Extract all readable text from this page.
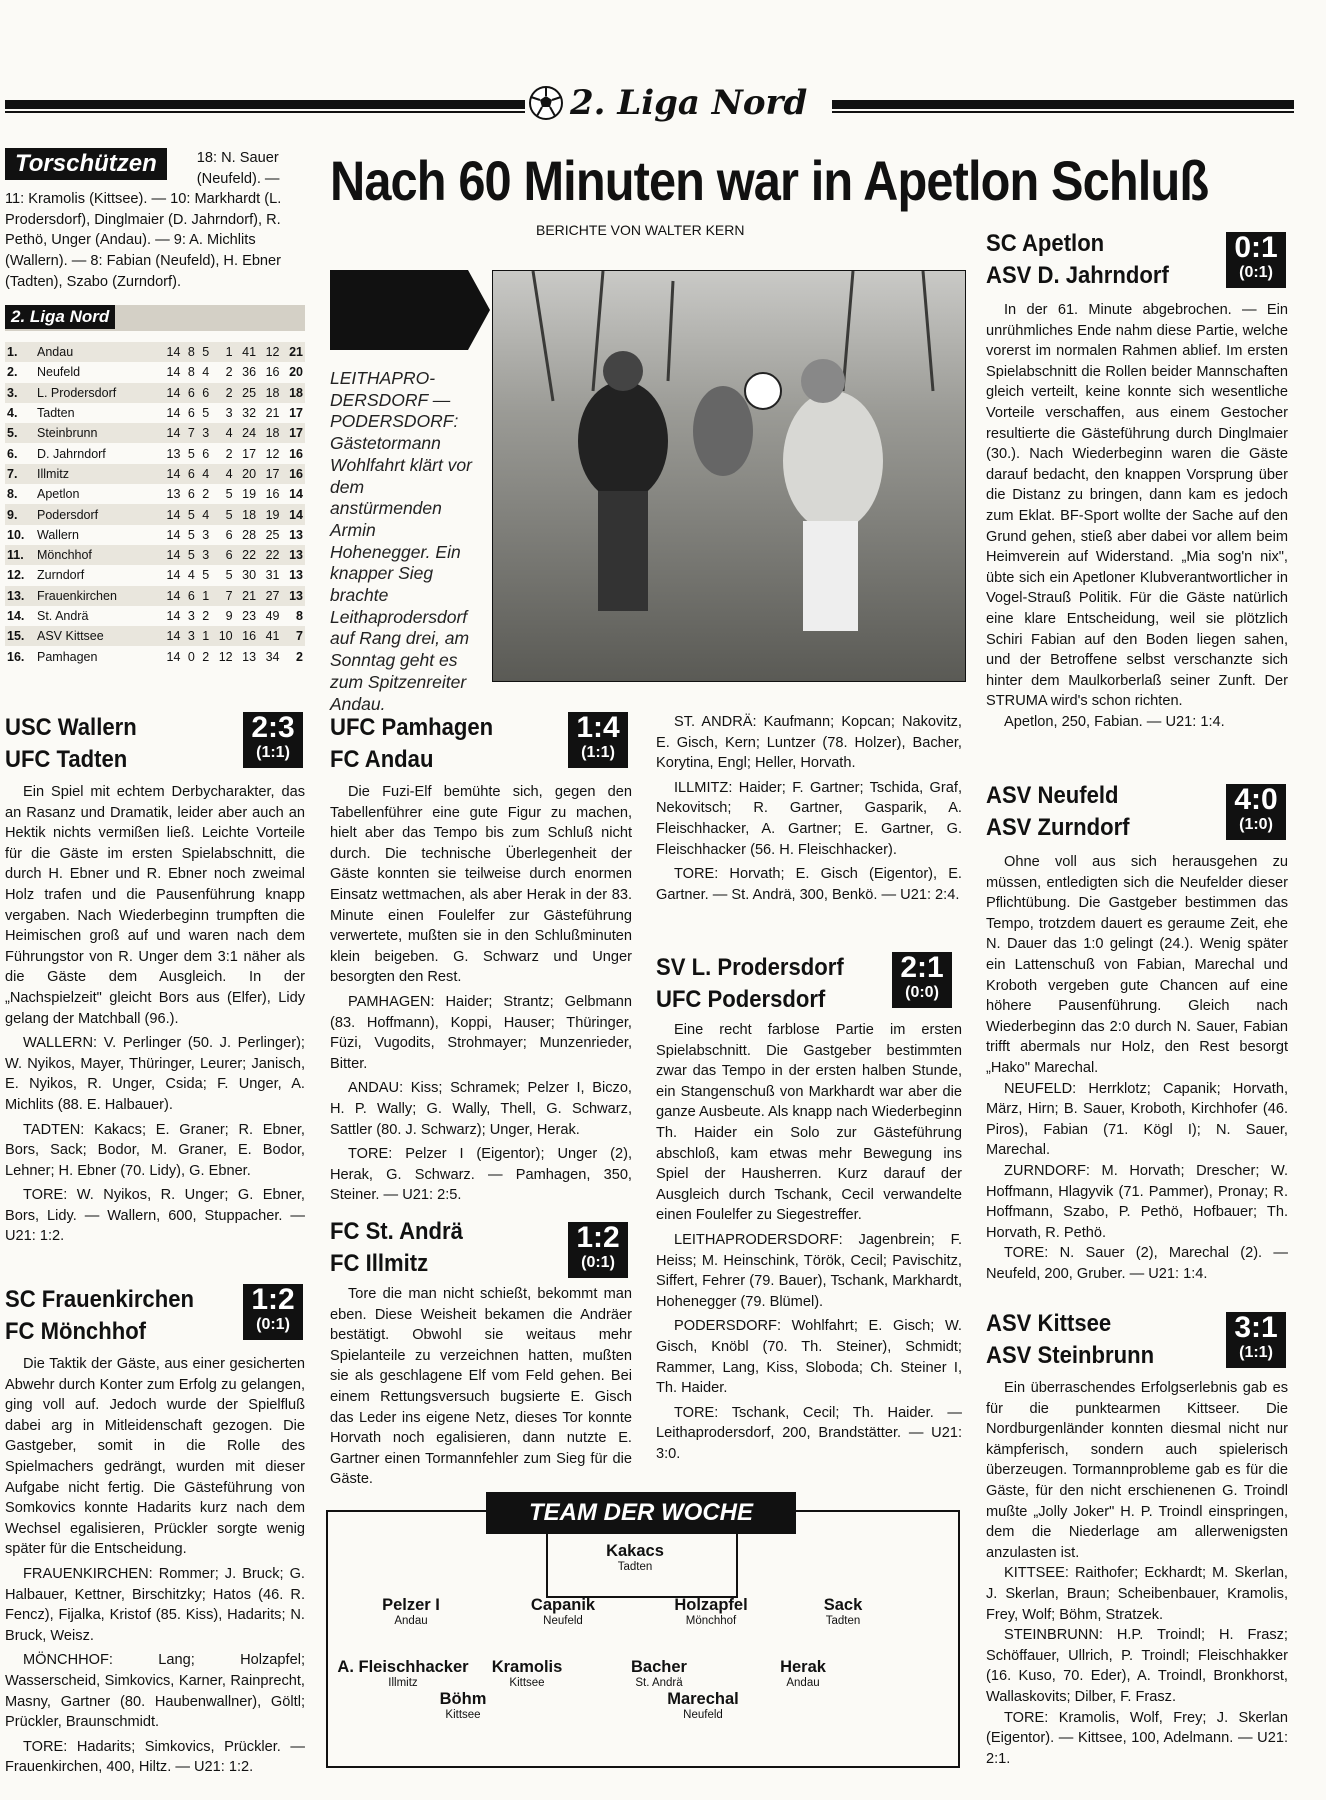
2. Liga Nord
Nach 60 Minuten war in Apetlon Schluß
BERICHTE VON WALTER KERN
Torschützen	18: N. Sauer (Neufeld). —
11: Kramolis (Kittsee). — 10: Markhardt (L. Prodersdorf), Dinglmaier (D. Jahrndorf), R. Pethö, Unger (Andau). — 9: A. Michlits (Wallern). — 8: Fabian (Neufeld), H. Ebner (Tadten), Szabo (Zurndorf).
2. Liga Nord
1.	Andau	14	8	5	1	41	12	21
2.	Neufeld	14	8	4	2	36	16	20
3.	L. Prodersdorf	14	6	6	2	25	18	18
4.	Tadten	14	6	5	3	32	21	17
5.	Steinbrunn	14	7	3	4	24	18	17
6.	D. Jahrndorf	13	5	6	2	17	12	16
7.	Illmitz	14	6	4	4	20	17	16
8.	Apetlon	13	6	2	5	19	16	14
9.	Podersdorf	14	5	4	5	18	19	14
10.	Wallern	14	5	3	6	28	25	13
11.	Mönchhof	14	5	3	6	22	22	13
12.	Zurndorf	14	4	5	5	30	31	13
13.	Frauenkirchen	14	6	1	7	21	27	13
14.	St. Andrä	14	3	2	9	23	49	8
15.	ASV Kittsee	14	3	1	10	16	41	7
16.	Pamhagen	14	0	2	12	13	34	2
LEITHAPRO-DERSDORF — PODERSDORF: Gästetormann Wohlfahrt klärt vor dem anstürmenden Armin Hohenegger. Ein knapper Sieg brachte Leithaprodersdorf auf Rang drei, am Sonntag geht es zum Spitzenreiter Andau.
USC Wallern
UFC Tadten
2:3
(1:1)

Ein Spiel mit echtem Derbycharakter, das an Rasanz und Dramatik, leider aber auch an Hektik nichts vermißen ließ. Leichte Vorteile für die Gäste im ersten Spielabschnitt, die durch H. Ebner und R. Ebner noch zweimal Holz trafen und die Pausenführung knapp vergaben. Nach Wiederbeginn trumpften die Heimischen groß auf und waren nach dem Führungstor von R. Unger dem 3:1 näher als die Gäste dem Ausgleich. In der „Nachspielzeit" gleicht Bors aus (Elfer), Lidy gelang der Matchball (96.).

WALLERN: V. Perlinger (50. J. Perlinger); W. Nyikos, Mayer, Thüringer, Leurer; Janisch, E. Nyikos, R. Unger, Csida; F. Unger, A. Michlits (88. E. Halbauer).

TADTEN: Kakacs; E. Graner; R. Ebner, Bors, Sack; Bodor, M. Graner, E. Bodor, Lehner; H. Ebner (70. Lidy), G. Ebner.

TORE: W. Nyikos, R. Unger; G. Ebner, Bors, Lidy. — Wallern, 600, Stuppacher. — U21: 1:2.

SC Frauenkirchen
FC Mönchhof
1:2
(0:1)

Die Taktik der Gäste, aus einer gesicherten Abwehr durch Konter zum Erfolg zu gelangen, ging voll auf. Jedoch wurde der Spielfluß dabei arg in Mitleidenschaft gezogen. Die Gastgeber, somit in die Rolle des Spielmachers gedrängt, wurden mit dieser Aufgabe nicht fertig. Die Gästeführung von Somkovics konnte Hadarits kurz nach dem Wechsel egalisieren, Prückler sorgte wenig später für die Entscheidung.

FRAUENKIRCHEN: Rommer; J. Bruck; G. Halbauer, Kettner, Birschitzky; Hatos (46. R. Fencz), Fijalka, Kristof (85. Kiss), Hadarits; N. Bruck, Weisz.

MÖNCHHOF: Lang; Holzapfel; Wasserscheid, Simkovics, Karner, Rainprecht, Masny, Gartner (80. Haubenwallner), Göltl; Prückler, Braunschmidt.

TORE: Hadarits; Simkovics, Prückler. — Frauenkirchen, 400, Hiltz. — U21: 1:2.

UFC Pamhagen
FC Andau
1:4
(1:1)

Die Fuzi-Elf bemühte sich, gegen den Tabellenführer eine gute Figur zu machen, hielt aber das Tempo bis zum Schluß nicht durch. Die technische Überlegenheit der Gäste konnten sie teilweise durch enormen Einsatz wettmachen, als aber Herak in der 83. Minute einen Foulelfer zur Gästeführung verwertete, mußten sie in den Schlußminuten klein beigeben. G. Schwarz und Unger besorgten den Rest.

PAMHAGEN: Haider; Strantz; Gelbmann (83. Hoffmann), Koppi, Hauser; Thüringer, Füzi, Vugodits, Strohmayer; Munzenrieder, Bitter.

ANDAU: Kiss; Schramek; Pelzer I, Biczo, H. P. Wally; G. Wally, Thell, G. Schwarz, Sattler (80. J. Schwarz); Unger, Herak.

TORE: Pelzer I (Eigentor); Unger (2), Herak, G. Schwarz. — Pamhagen, 350, Steiner. — U21: 2:5.

FC St. Andrä
FC Illmitz
1:2
(0:1)

Tore die man nicht schießt, bekommt man eben. Diese Weisheit bekamen die Andräer bestätigt. Obwohl sie weitaus mehr Spielanteile zu verzeichnen hatten, mußten sie als geschlagene Elf vom Feld gehen. Bei einem Rettungsversuch bugsierte E. Gisch das Leder ins eigene Netz, dieses Tor konnte Horvath noch egalisieren, dann nutzte E. Gartner einen Tormannfehler zum Sieg für die Gäste.

ST. ANDRÄ: Kaufmann; Kopcan; Nakovitz, E. Gisch, Kern; Luntzer (78. Holzer), Bacher, Korytina, Engl; Heller, Horvath.

ILLMITZ: Haider; F. Gartner; Tschida, Graf, Nekovitsch; R. Gartner, Gasparik, A. Fleischhacker, A. Gartner; E. Gartner, G. Fleischhacker (56. H. Fleischhacker).

TORE: Horvath; E. Gisch (Eigentor), E. Gartner. — St. Andrä, 300, Benkö. — U21: 2:4.

SV L. Prodersdorf
UFC Podersdorf
2:1
(0:0)

Eine recht farblose Partie im ersten Spielabschnitt. Die Gastgeber bestimmten zwar das Tempo in der ersten halben Stunde, ein Stangenschuß von Markhardt war aber die ganze Ausbeute. Als knapp nach Wiederbeginn Th. Haider ein Solo zur Gästeführung abschloß, kam etwas mehr Bewegung ins Spiel der Hausherren. Kurz darauf der Ausgleich durch Tschank, Cecil verwandelte einen Foulelfer zu Siegestreffer.

LEITHAPRODERSDORF: Jagenbrein; F. Heiss; M. Heinschink, Török, Cecil; Pavischitz, Siffert, Fehrer (79. Bauer), Tschank, Markhardt, Hohenegger (79. Blümel).

PODERSDORF: Wohlfahrt; E. Gisch; W. Gisch, Knöbl (70. Th. Steiner), Schmidt; Rammer, Lang, Kiss, Sloboda; Ch. Steiner I, Th. Haider.

TORE: Tschank, Cecil; Th. Haider. — Leithaprodersdorf, 200, Brandstätter. — U21: 3:0.

SC Apetlon
ASV D. Jahrndorf
0:1
(0:1)

In der 61. Minute abgebrochen. — Ein unrühmliches Ende nahm diese Partie, welche vorerst im normalen Rahmen ablief. Im ersten Spielabschnitt die Rollen beider Mannschaften gleich verteilt, keine konnte sich wesentliche Vorteile verschaffen, aus einem Gestocher resultierte die Gästeführung durch Dinglmaier (30.). Nach Wiederbeginn waren die Gäste darauf bedacht, den knappen Vorsprung über die Distanz zu bringen, dann kam es jedoch zum Eklat. BF-Sport wollte der Sache auf den Grund gehen, stieß aber dabei vor allem beim Heimverein auf Widerstand. „Mia sog'n nix", übte sich ein Apetloner Klubverantwortlicher in Vogel-Strauß Politik. Für die Gäste natürlich eine klare Entscheidung, weil sie plötzlich Schiri Fabian auf den Boden liegen sahen, und der Betroffene selbst verschanzte sich hinter dem Maulkorberlaß seiner Zunft. Der STRUMA wird's schon richten.

Apetlon, 250, Fabian. — U21: 1:4.

ASV Neufeld
ASV Zurndorf
4:0
(1:0)

Ohne voll aus sich herausgehen zu müssen, entledigten sich die Neufelder dieser Pflichtübung. Die Gastgeber bestimmen das Tempo, trotzdem dauert es geraume Zeit, ehe N. Dauer das 1:0 gelingt (24.). Wenig später ein Lattenschuß von Fabian, Marechal und Kroboth vergeben gute Chancen auf eine höhere Pausenführung. Gleich nach Wiederbeginn das 2:0 durch N. Sauer, Fabian trifft abermals nur Holz, den Rest besorgt „Hako" Marechal.

NEUFELD: Herrklotz; Capanik; Horvath, März, Hirn; B. Sauer, Kroboth, Kirchhofer (46. Piros), Fabian (71. Kögl I); N. Sauer, Marechal.

ZURNDORF: M. Horvath; Drescher; W. Hoffmann, Hlagyvik (71. Pammer), Pronay; R. Hoffmann, Szabo, P. Pethö, Hofbauer; Th. Horvath, R. Pethö.

TORE: N. Sauer (2), Marechal (2). — Neufeld, 200, Gruber. — U21: 1:4.

ASV Kittsee
ASV Steinbrunn
3:1
(1:1)

Ein überraschendes Erfolgserlebnis gab es für die punktearmen Kittseer. Die Nordburgenländer konnten diesmal nicht nur kämpferisch, sondern auch spielerisch überzeugen. Tormannprobleme gab es für die Gäste, für den nicht erschienenen G. Troindl mußte „Jolly Joker" H. P. Troindl einspringen, dem die Niederlage am allerwenigsten anzulasten ist.

KITTSEE: Raithofer; Eckhardt; M. Skerlan, J. Skerlan, Braun; Scheibenbauer, Kramolis, Frey, Wolf; Böhm, Stratzek.

STEINBRUNN: H.P. Troindl; H. Frasz; Schöffauer, Ullrich, P. Troindl; Fleischhakker (16. Kuso, 70. Eder), A. Troindl, Bronkhorst, Wallaskovits; Dilber, F. Frasz.

TORE: Kramolis, Wolf, Frey; J. Skerlan (Eigentor). — Kittsee, 100, Adelmann. — U21: 2:1.

TEAM DER WOCHE
Kakacs
Tadten
Pelzer I
Andau
Capanik
Neufeld
Holzapfel
Mönchhof
Sack
Tadten
A. Fleischhacker
Illmitz
Kramolis
Kittsee
Bacher
St. Andrä
Herak
Andau
Böhm
Kittsee
Marechal
Neufeld
